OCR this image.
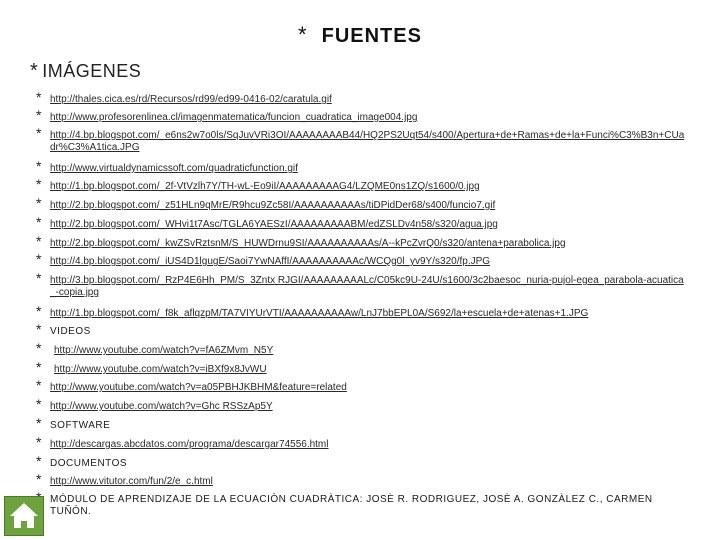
* FUENTES
* IMÁGENES
* http://thales.cica.es/rd/Recursos/rd99/ed99-0416-02/caratula.gif
* http://www.profesorenlinea.cl/imagenmatematica/funcion_cuadratica_image004.jpg
* http://4.bp.blogspot.com/_e6ns2w7o0ls/SqJuvVRi3OI/AAAAAAAAB44/HQ2PS2Uqt54/s400/Apertura+de+Ramas+de+la+Funci%C3%B3n+CUadr%C3%A1tica.JPG
* http://www.virtualdynamicssoft.com/quadraticfunction.gif
* http://1.bp.blogspot.com/_2f-VtVzlh7Y/TH-wL-Eo9iI/AAAAAAAAAG4/LZQME0ns1ZQ/s1600/0.jpg
* http://2.bp.blogspot.com/_z51HLn9qMrE/R9hcu9Zc58I/AAAAAAAAAAs/tiDPidDer68/s400/funcio7.gif
* http://2.bp.blogspot.com/_WHvi1t7Asc/TGLA6YAESzI/AAAAAAAAABM/edZSLDv4n58/s320/agua.jpg
* http://2.bp.blogspot.com/_kwZSvRztsnM/S_HUWDrnu9SI/AAAAAAAAAAs/A--kPcZvrQ0/s320/antena+parabolica.jpg
* http://4.bp.blogspot.com/_iUS4D1lgugE/Saoi7YwNAffI/AAAAAAAAAAc/WCQg0l_yv9Y/s320/fp.JPG
* http://3.bp.blogspot.com/_RzP4E6Hh_PM/S_3Zntx RJGI/AAAAAAAAALc/C05kc9U-24U/s1600/3c2baesoc_nuria-pujol-egea_parabola-acuatica_-copia.jpg
* http://1.bp.blogspot.com/_f8k_aflqzpM/TA7VIYUrVTI/AAAAAAAAAAw/LnJ7bbEPL0A/S692/la+escuela+de+atenas+1.JPG
* VIDEOS
* http://www.youtube.com/watch?v=fA6ZMvm_N5Y
* http://www.youtube.com/watch?v=iBXf9x8JvWU
* http://www.youtube.com/watch?v=a05PBHJKBHM&feature=related
* http://www.youtube.com/watch?v=Ghc RSSzAp5Y
* SOFTWARE
* http://descargas.abcdatos.com/programa/descargar74556.html
* DOCUMENTOS
* http://www.vitutor.com/fun/2/e_c.html
MÓDULO DE APRENDIZAJE DE LA ECUACIÒN CUADRÀTICA: JOSÈ R. RODRIGUEZ, JOSÈ A. GONZÀLEZ C., CARMEN TUÑÓN.
